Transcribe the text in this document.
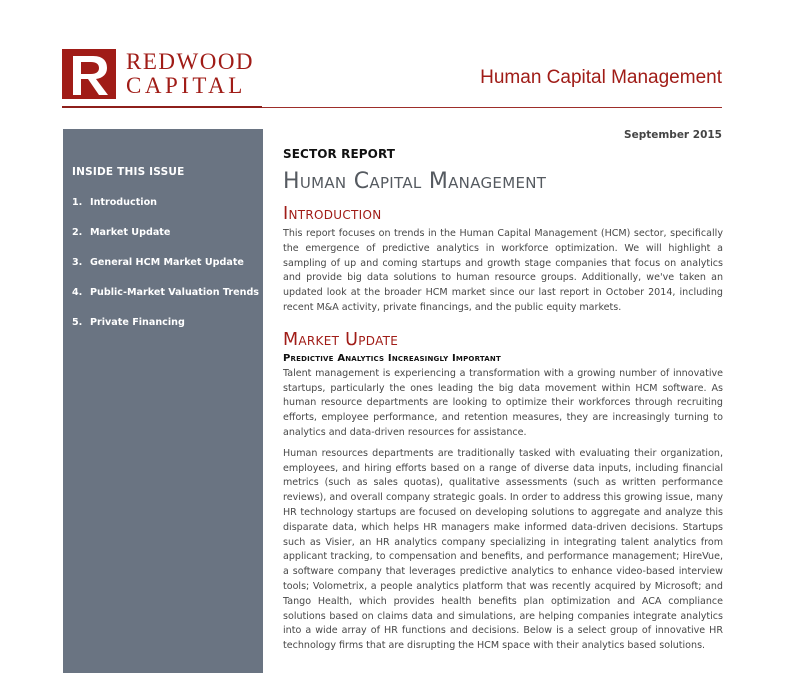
REDWOOD
CAPITAL	Human Capital Management
INSIDE THIS ISSUE
1. Introduction
2. Market Update
3. General HCM Market Update
4. Public-Market Valuation Trends
5. Private Financing
September 2015

SECTOR REPORT

Human Capital Management
Introduction

This report focuses on trends in the Human Capital Management (HCM) sector, specifically the emergence of predictive analytics in workforce optimization. We will highlight a sampling of up and coming startups and growth stage companies that focus on analytics and provide big data solutions to human resource groups. Additionally, we've taken an updated look at the broader HCM market since our last report in October 2014, including recent M&A activity, private financings, and the public equity markets.

Market Update
Predictive Analytics Increasingly Important

Talent management is experiencing a transformation with a growing number of innovative startups, particularly the ones leading the big data movement within HCM software. As human resource departments are looking to optimize their workforces through recruiting efforts, employee performance, and retention measures, they are increasingly turning to analytics and data-driven resources for assistance.

Human resources departments are traditionally tasked with evaluating their organization, employees, and hiring efforts based on a range of diverse data inputs, including financial metrics (such as sales quotas), qualitative assessments (such as written performance reviews), and overall company strategic goals. In order to address this growing issue, many HR technology startups are focused on developing solutions to aggregate and analyze this disparate data, which helps HR managers make informed data-driven decisions. Startups such as Visier, an HR analytics company specializing in integrating talent analytics from applicant tracking, to compensation and benefits, and performance management; HireVue, a software company that leverages predictive analytics to enhance video-based interview tools; Volometrix, a people analytics platform that was recently acquired by Microsoft; and Tango Health, which provides health benefits plan optimization and ACA compliance solutions based on claims data and simulations, are helping companies integrate analytics into a wide array of HR functions and decisions. Below is a select group of innovative HR technology firms that are disrupting the HCM space with their analytics based solutions.
